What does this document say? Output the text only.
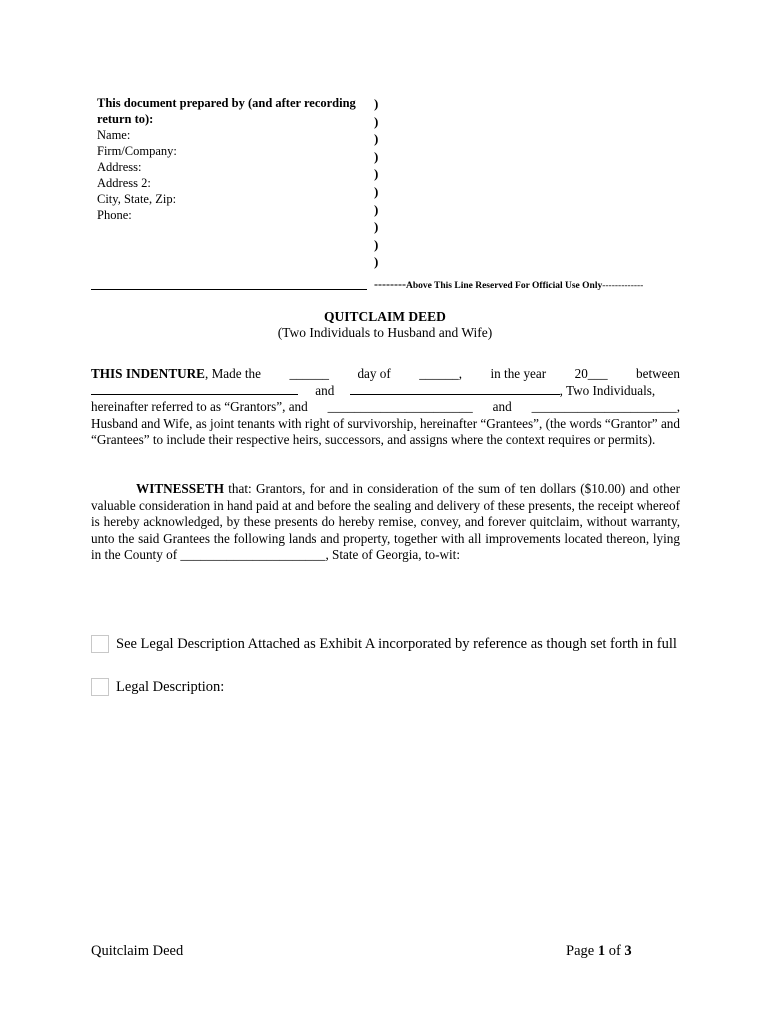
This document prepared by (and after recording
return to):
Name:
Firm/Company:
Address:
Address 2:
City, State, Zip:
Phone:
)
)
)
)
)
)
)
)
)
)
--------Above This Line Reserved For Official Use Only-------------
QUITCLAIM DEED
(Two Individuals to Husband and Wife)
THIS INDENTURE, Made the ______ day of ______, in the year 20___ between
and	, Two Individuals,
hereinafter referred to as “Grantors”, and ______________________ and ______________________,
Husband and Wife, as joint tenants with right of survivorship, hereinafter “Grantees”, (the words “Grantor” and “Grantees” to include their respective heirs, successors, and assigns where the context requires or permits).
WITNESSETH that: Grantors, for and in consideration of the sum of ten dollars ($10.00) and other valuable consideration in hand paid at and before the sealing and delivery of these presents, the receipt whereof is hereby acknowledged, by these presents do hereby remise, convey, and forever quitclaim, without warranty, unto the said Grantees the following lands and property, together with all improvements located thereon, lying in the County of ______________________, State of Georgia, to-wit:
See Legal Description Attached as Exhibit A incorporated by reference as though set forth in full
Legal Description:
Quitclaim Deed	Page 1 of 3
